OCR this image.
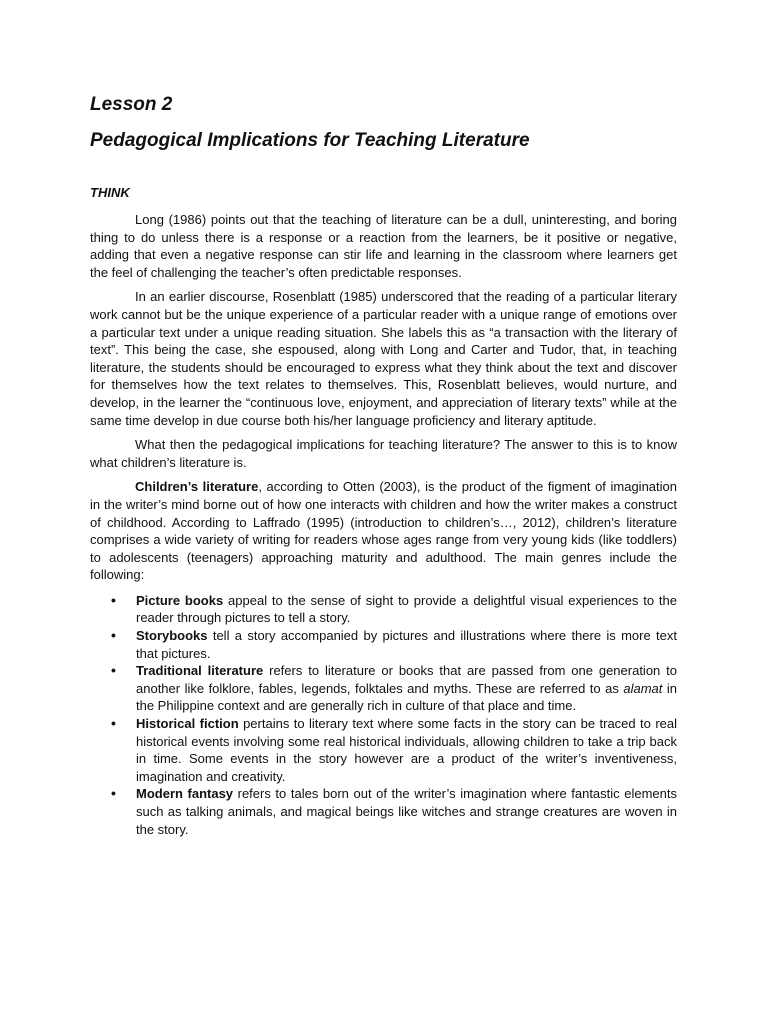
Lesson 2
Pedagogical Implications for Teaching Literature
THINK

Long (1986) points out that the teaching of literature can be a dull, uninteresting, and boring thing to do unless there is a response or a reaction from the learners, be it positive or negative, adding that even a negative response can stir life and learning in the classroom where learners get the feel of challenging the teacher’s often predictable responses.

In an earlier discourse, Rosenblatt (1985) underscored that the reading of a particular literary work cannot but be the unique experience of a particular reader with a unique range of emotions over a particular text under a unique reading situation. She labels this as “a transaction with the literary of text”. This being the case, she espoused, along with Long and Carter and Tudor, that, in teaching literature, the students should be encouraged to express what they think about the text and discover for themselves how the text relates to themselves. This, Rosenblatt believes, would nurture, and develop, in the learner the “continuous love, enjoyment, and appreciation of literary texts” while at the same time develop in due course both his/her language proficiency and literary aptitude.

What then the pedagogical implications for teaching literature? The answer to this is to know what children’s literature is.

Children’s literature, according to Otten (2003), is the product of the figment of imagination in the writer’s mind borne out of how one interacts with children and how the writer makes a construct of childhood. According to Laffrado (1995) (introduction to children’s…, 2012), children’s literature comprises a wide variety of writing for readers whose ages range from very young kids (like toddlers) to adolescents (teenagers) approaching maturity and adulthood. The main genres include the following:

• Picture books appeal to the sense of sight to provide a delightful visual experiences to the reader through pictures to tell a story.
• Storybooks tell a story accompanied by pictures and illustrations where there is more text that pictures.
• Traditional literature refers to literature or books that are passed from one generation to another like folklore, fables, legends, folktales and myths. These are referred to as alamat in the Philippine context and are generally rich in culture of that place and time.
• Historical fiction pertains to literary text where some facts in the story can be traced to real historical events involving some real historical individuals, allowing children to take a trip back in time. Some events in the story however are a product of the writer’s inventiveness, imagination and creativity.
• Modern fantasy refers to tales born out of the writer’s imagination where fantastic elements such as talking animals, and magical beings like witches and strange creatures are woven in the story.
